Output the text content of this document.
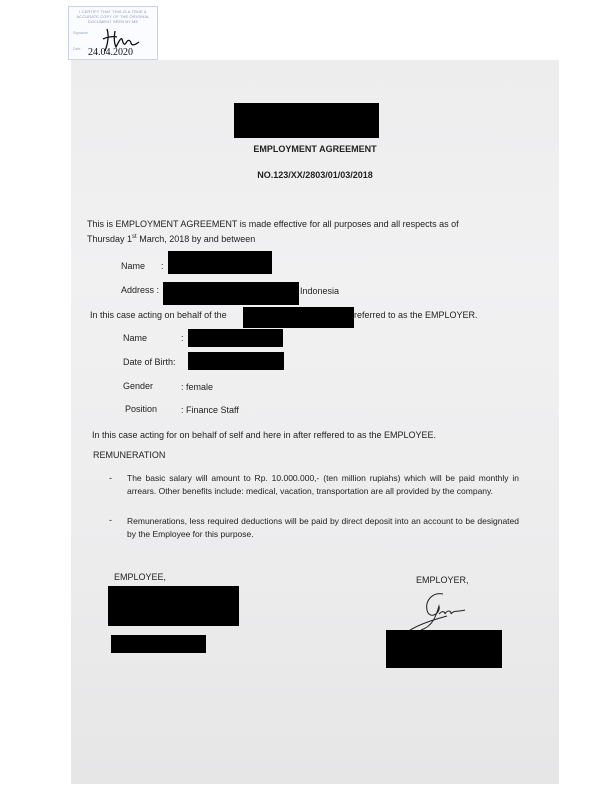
I CERTIFY THAT THIS IS A TRUE &
ACCURATE COPY OF THE ORIGINAL
DOCUMENT SEEN BY ME
Signature
Date 24.04.2020
EMPLOYMENT AGREEMENT
NO.123/XX/2803/01/03/2018
This is EMPLOYMENT AGREEMENT is made effective for all purposes and all respects as of
Thursday 1st March, 2018 by and between
Name :
Address :	Indonesia
In this case acting on behalf of the	referred to as the EMPLOYER.
Name	:
Date of Birth:
Gender	: female
Position	: Finance Staff
In this case acting for on behalf of self and here in after reffered to as the EMPLOYEE.
REMUNERATION
- The basic salary will amount to Rp. 10.000.000,- (ten million rupiahs) which will be paid monthly in arrears. Other benefits include: medical, vacation, transportation are all provided by the company.
- Remunerations, less required deductions will be paid by direct deposit into an account to be designated by the Employee for this purpose.
EMPLOYEE,	EMPLOYER,
